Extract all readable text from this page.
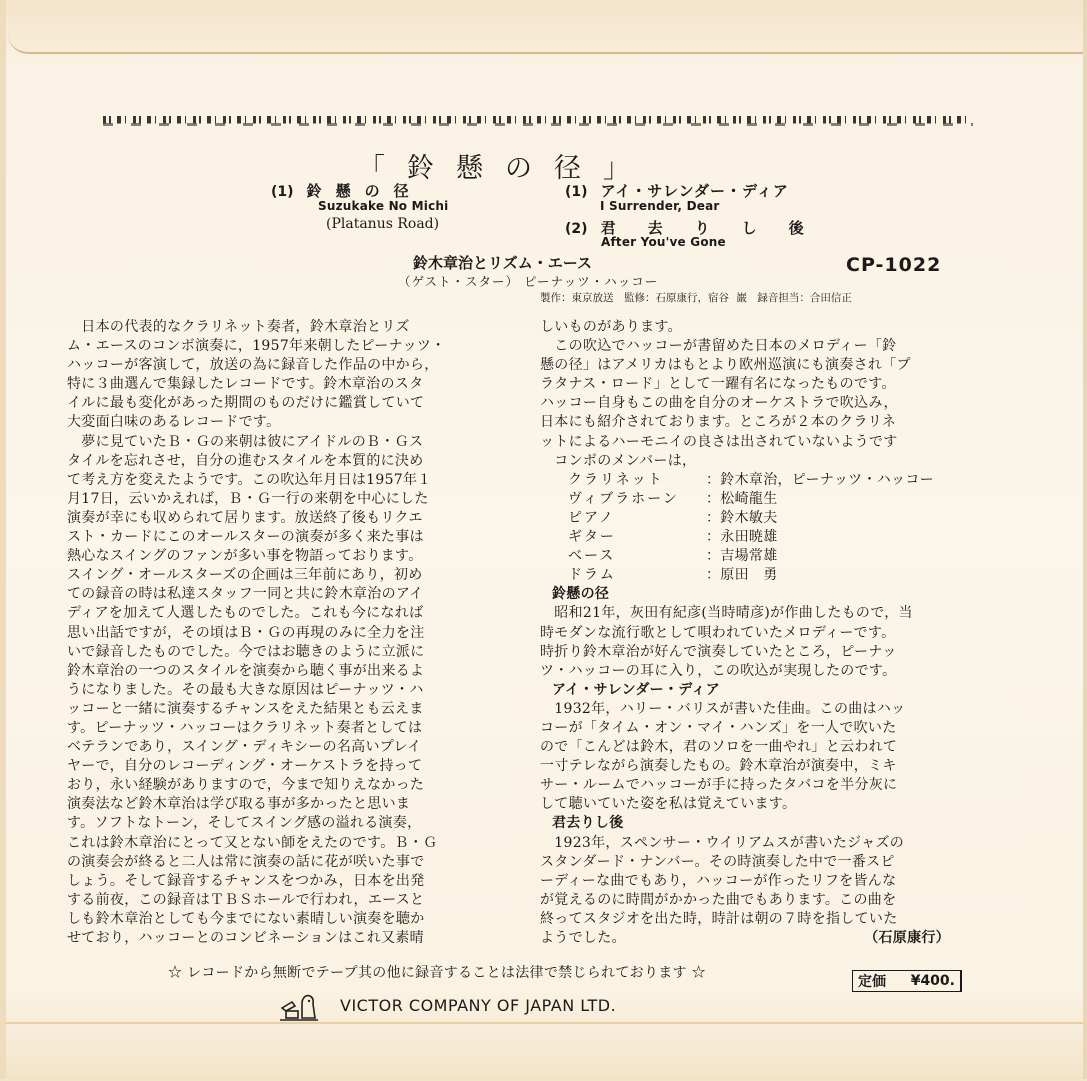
「鈴懸の径」
(1) 鈴懸の径
Suzukake No Michi
(Platanus Road)
(1) アイ・サレンダー・ディア
I Surrender, Dear
(2) 君去りし後
After You've Gone
鈴木章治とリズム・エース
（ゲスト・スター） ピーナッツ・ハッコー
CP-1022
製作：東京放送　監修：石原康行，宿谷 巌　録音担当：合田信正
　日本の代表的なクラリネット奏者，鈴木章治とリズ
ム・エースのコンボ演奏に，1957年来朝したピーナッツ・
ハッコーが客演して，放送の為に録音した作品の中から，
特に３曲選んで集録したレコードです。鈴木章治のスタ
イルに最も変化があった期間のものだけに鑑賞していて
大変面白味のあるレコードです。
　夢に見ていたＢ・Ｇの来朝は彼にアイドルのＢ・Ｇス
タイルを忘れさせ，自分の進むスタイルを本質的に決め
て考え方を変えたようです。この吹込年月日は1957年１
月17日，云いかえれば，Ｂ・Ｇ一行の来朝を中心にした
演奏が幸にも収められて居ります。放送終了後もリクエ
スト・カードにこのオールスターの演奏が多く来た事は
熱心なスイングのファンが多い事を物語っております。
スイング・オールスターズの企画は三年前にあり，初め
ての録音の時は私達スタッフ一同と共に鈴木章治のアイ
ディアを加えて人選したものでした。これも今になれば
思い出話ですが，その頃はＢ・Ｇの再現のみに全力を注
いで録音したものでした。今ではお聴きのように立派に
鈴木章治の一つのスタイルを演奏から聴く事が出来るよ
うになりました。その最も大きな原因はピーナッツ・ハ
ッコーと一緒に演奏するチャンスをえた結果とも云えま
す。ピーナッツ・ハッコーはクラリネット奏者としては
ベテランであり，スイング・ディキシーの名高いプレイ
ヤーで，自分のレコーディング・オーケストラを持って
おり，永い経験がありますので，今まで知りえなかった
演奏法など鈴木章治は学び取る事が多かったと思いま
す。ソフトなトーン，そしてスイング感の溢れる演奏，
これは鈴木章治にとって又とない師をえたのです。Ｂ・Ｇ
の演奏会が終ると二人は常に演奏の話に花が咲いた事で
しょう。そして録音するチャンスをつかみ，日本を出発
する前夜，この録音はＴＢＳホールで行われ，エースと
しも鈴木章治としても今までにない素晴しい演奏を聴か
せており，ハッコーとのコンビネーションはこれ又素晴
しいものがあります。
　この吹込でハッコーが書留めた日本のメロディー「鈴
懸の径」はアメリカはもとより欧州巡演にも演奏され「プ
ラタナス・ロード」として一躍有名になったものです。
ハッコー自身もこの曲を自分のオーケストラで吹込み，
日本にも紹介されております。ところが２本のクラリネ
ットによるハーモニイの良さは出されていないようです
　コンボのメンバーは，
クラリネット	：鈴木章治，ピーナッツ・ハッコー
ヴィブラホーン	：松崎龍生
ピアノ	：鈴木敏夫
ギター	：永田暁雄
ベース	：吉場常雄
ドラム	：原田　勇
鈴懸の径
　昭和21年，灰田有紀彦(当時晴彦)が作曲したもので，当
時モダンな流行歌として唄われていたメロディーです。
時折り鈴木章治が好んで演奏していたところ，ピーナッ
ツ・ハッコーの耳に入り，この吹込が実現したのです。
アイ・サレンダー・ディア
　1932年，ハリー・バリスが書いた佳曲。この曲はハッ
コーが「タイム・オン・マイ・ハンズ」を一人で吹いた
ので「こんどは鈴木，君のソロを一曲やれ」と云われて
一寸テレながら演奏したもの。鈴木章治が演奏中，ミキ
サー・ルームでハッコーが手に持ったタバコを半分灰に
して聴いていた姿を私は覚えています。
君去りし後
　1923年，スペンサー・ウイリアムスが書いたジャズの
スタンダード・ナンバー。その時演奏した中で一番スピ
ーディーな曲でもあり，ハッコーが作ったリフを皆んな
が覚えるのに時間がかかった曲でもあります。この曲を
終ってスタジオを出た時，時計は朝の７時を指していた
ようでした。	（石原康行）
☆ レコードから無断でテープ其の他に録音することは法律で禁じられております ☆
定価 ¥400.
VICTOR COMPANY OF JAPAN LTD.
